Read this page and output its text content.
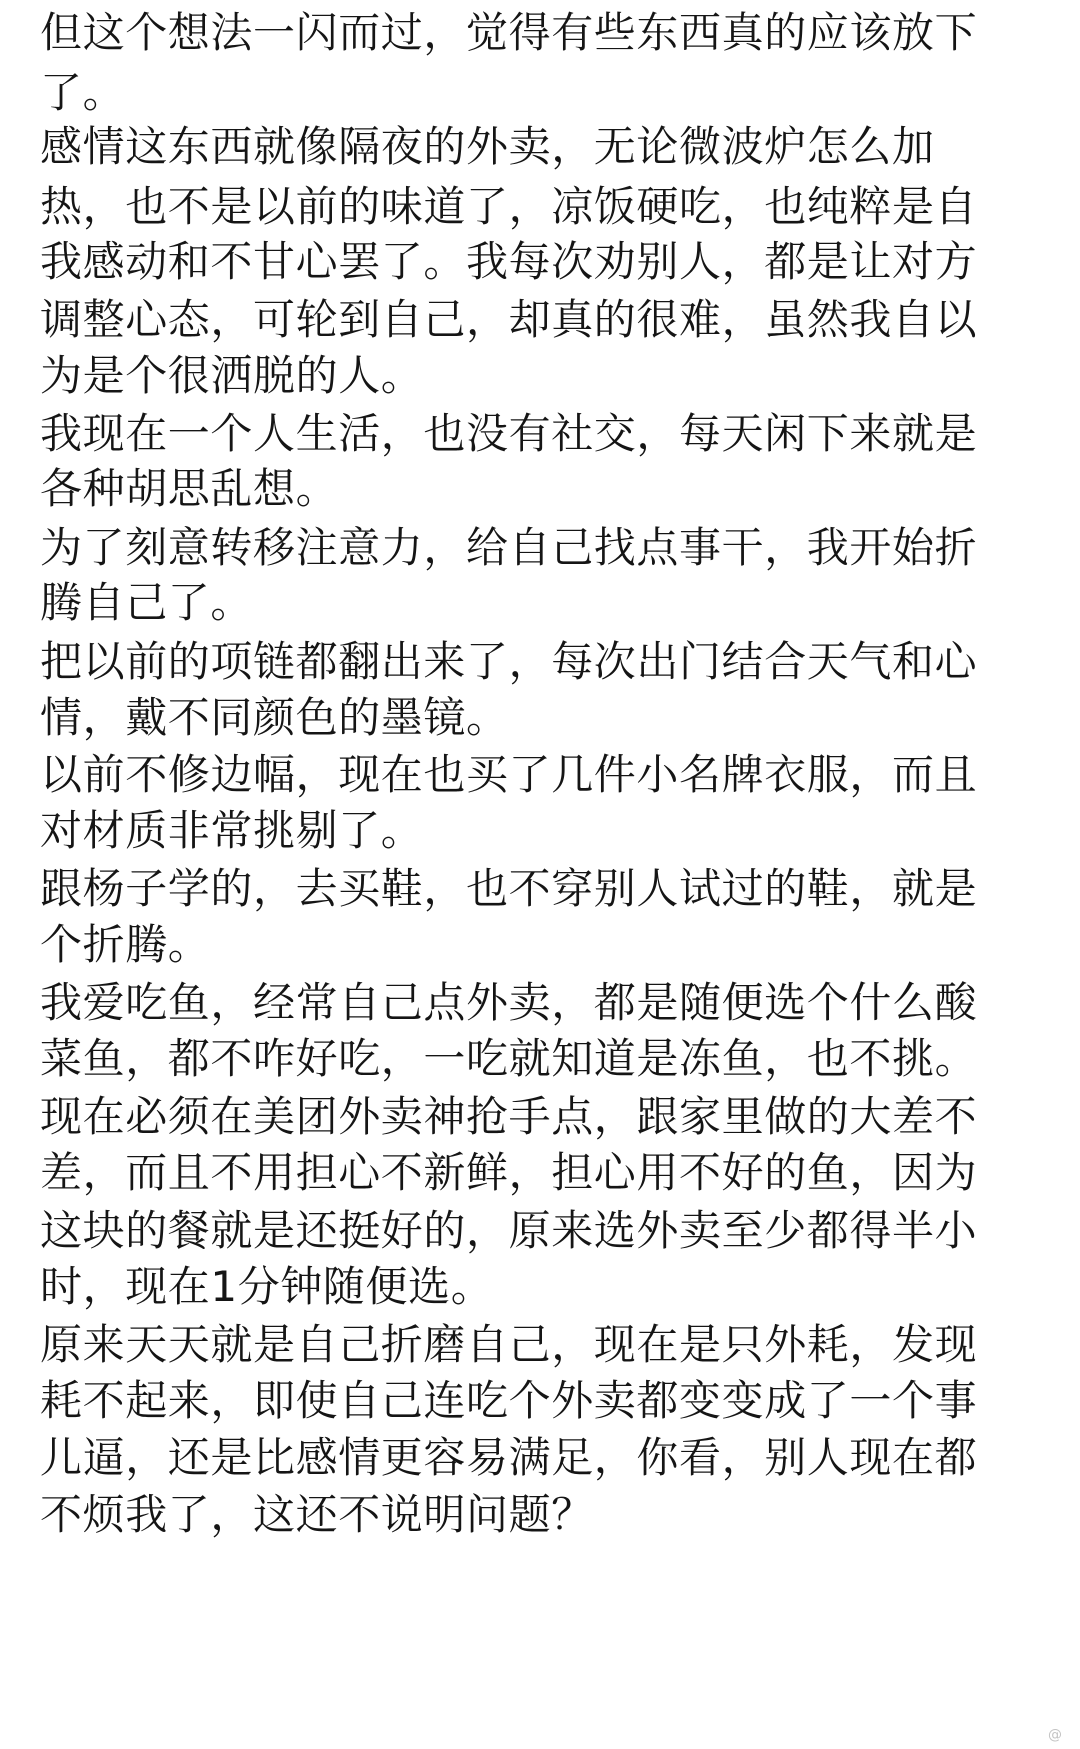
但这个想法一闪而过，觉得有些东西真的应该放下
了。
感情这东西就像隔夜的外卖，无论微波炉怎么加
热，也不是以前的味道了，凉饭硬吃，也纯粹是自
我感动和不甘心罢了。我每次劝别人，都是让对方
调整心态，可轮到自己，却真的很难，虽然我自以
为是个很洒脱的人。
我现在一个人生活，也没有社交，每天闲下来就是
各种胡思乱想。
为了刻意转移注意力，给自己找点事干，我开始折
腾自己了。
把以前的项链都翻出来了，每次出门结合天气和心
情，戴不同颜色的墨镜。
以前不修边幅，现在也买了几件小名牌衣服，而且
对材质非常挑剔了。
跟杨子学的，去买鞋，也不穿别人试过的鞋，就是
个折腾。
我爱吃鱼，经常自己点外卖，都是随便选个什么酸
菜鱼，都不咋好吃，一吃就知道是冻鱼，也不挑。
现在必须在美团外卖神抢手点，跟家里做的大差不
差，而且不用担心不新鲜，担心用不好的鱼，因为
这块的餐就是还挺好的，原来选外卖至少都得半小
时，现在1分钟随便选。
原来天天就是自己折磨自己，现在是只外耗，发现
耗不起来，即使自己连吃个外卖都变变成了一个事
儿逼，还是比感情更容易满足，你看，别人现在都
不烦我了，这还不说明问题？
@
